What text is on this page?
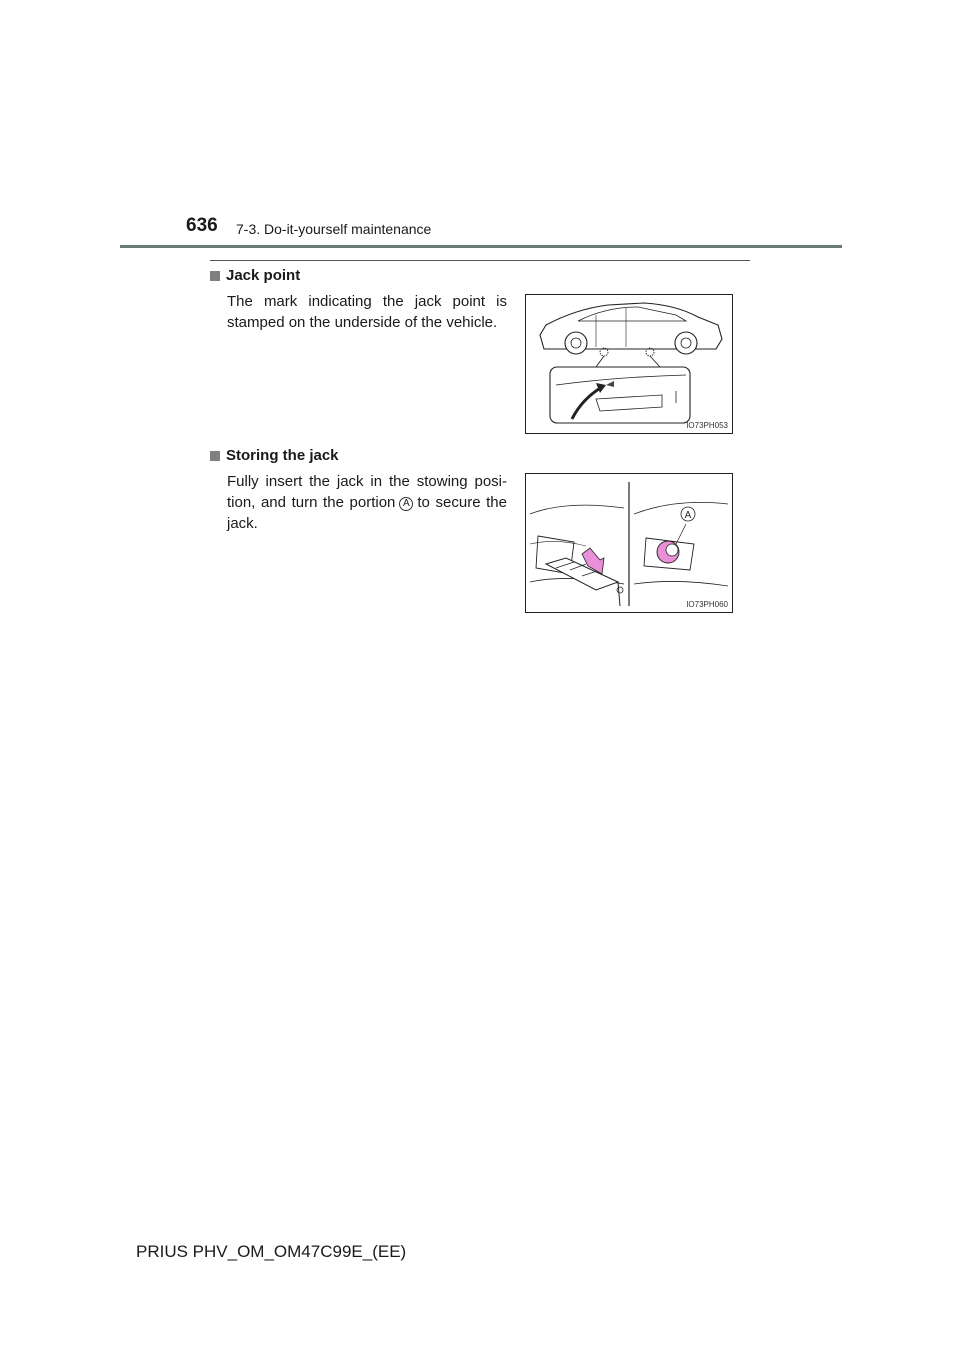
636 7-3. Do-it-yourself maintenance
Jack point
The mark indicating the jack point is stamped on the underside of the vehicle.
IO73PH053
Storing the jack
Fully insert the jack in the stowing posi-tion, and turn the portion A to secure the jack.	A
IO73PH060
PRIUS PHV_OM_OM47C99E_(EE)
